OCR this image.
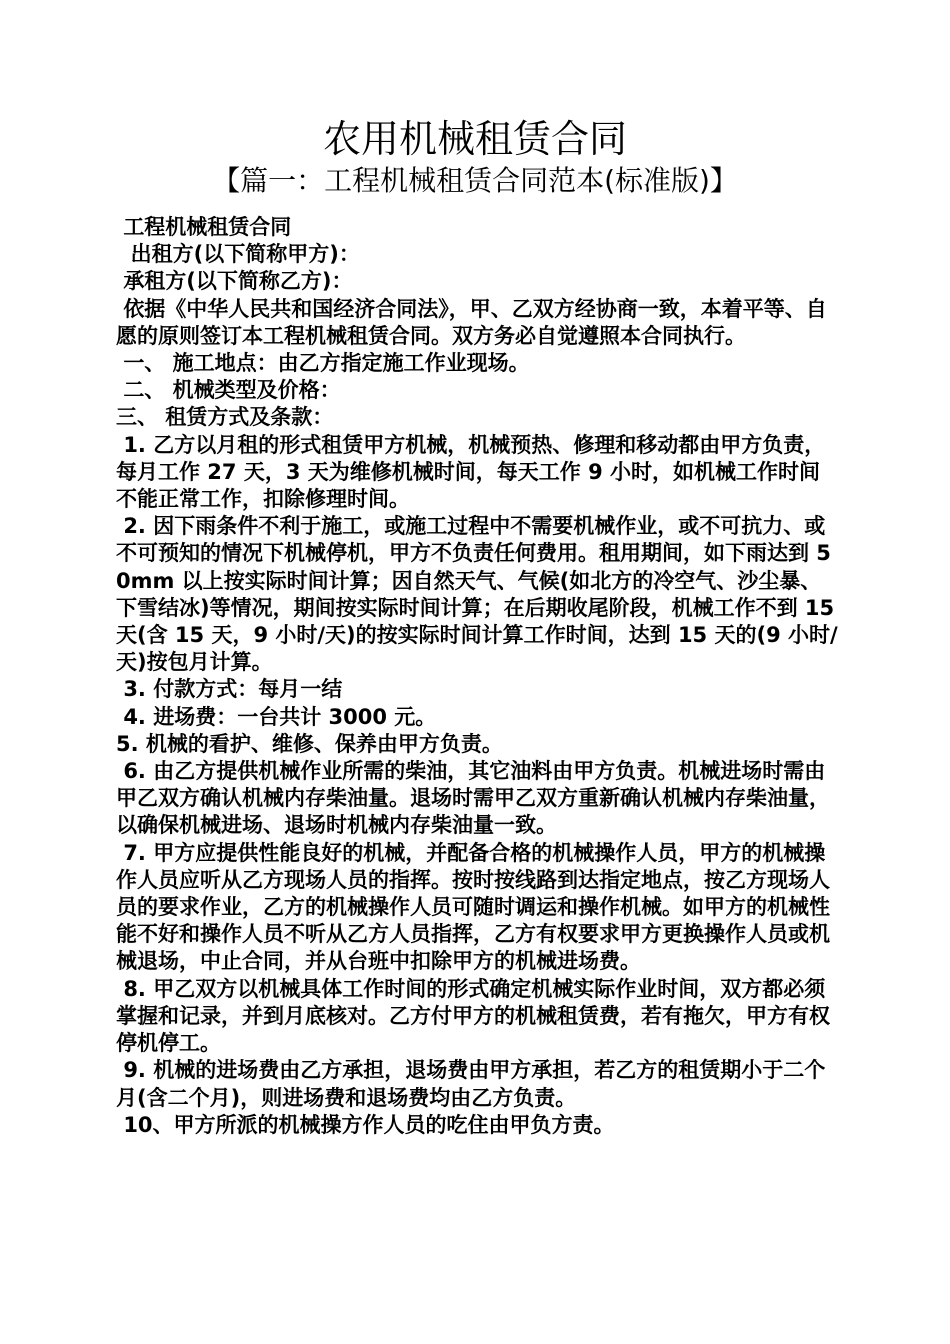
农用机械租赁合同
【篇一：工程机械租赁合同范本(标准版)】

工程机械租赁合同

出租方(以下简称甲方)：

承租方(以下简称乙方)：

依据《中华人民共和国经济合同法》，甲、乙双方经协商一致，本着平等、自愿的原则签订本工程机械租赁合同。双方务必自觉遵照本合同执行。

一、 施工地点：由乙方指定施工作业现场。

二、 机械类型及价格：

三、 租赁方式及条款：

1. 乙方以月租的形式租赁甲方机械，机械预热、修理和移动都由甲方负责，每月工作 27 天，3 天为维修机械时间，每天工作 9 小时，如机械工作时间不能正常工作，扣除修理时间。

2. 因下雨条件不利于施工，或施工过程中不需要机械作业，或不可抗力、或不可预知的情况下机械停机，甲方不负责任何费用。租用期间，如下雨达到 50mm 以上按实际时间计算；因自然天气、气候(如北方的冷空气、沙尘暴、下雪结冰)等情况，期间按实际时间计算；在后期收尾阶段，机械工作不到 15 天(含 15 天，9 小时/天)的按实际时间计算工作时间，达到 15 天的(9 小时/天)按包月计算。

3. 付款方式：每月一结

4. 进场费：一台共计 3000 元。

5. 机械的看护、维修、保养由甲方负责。

6. 由乙方提供机械作业所需的柴油，其它油料由甲方负责。机械进场时需由甲乙双方确认机械内存柴油量。退场时需甲乙双方重新确认机械内存柴油量，以确保机械进场、退场时机械内存柴油量一致。

7. 甲方应提供性能良好的机械，并配备合格的机械操作人员，甲方的机械操作人员应听从乙方现场人员的指挥。按时按线路到达指定地点，按乙方现场人员的要求作业，乙方的机械操作人员可随时调运和操作机械。如甲方的机械性能不好和操作人员不听从乙方人员指挥，乙方有权要求甲方更换操作人员或机械退场，中止合同，并从台班中扣除甲方的机械进场费。

8. 甲乙双方以机械具体工作时间的形式确定机械实际作业时间，双方都必须掌握和记录，并到月底核对。乙方付甲方的机械租赁费，若有拖欠，甲方有权停机停工。

9. 机械的进场费由乙方承担，退场费由甲方承担，若乙方的租赁期小于二个月(含二个月)，则进场费和退场费均由乙方负责。

10、甲方所派的机械操方作人员的吃住由甲负方责。
